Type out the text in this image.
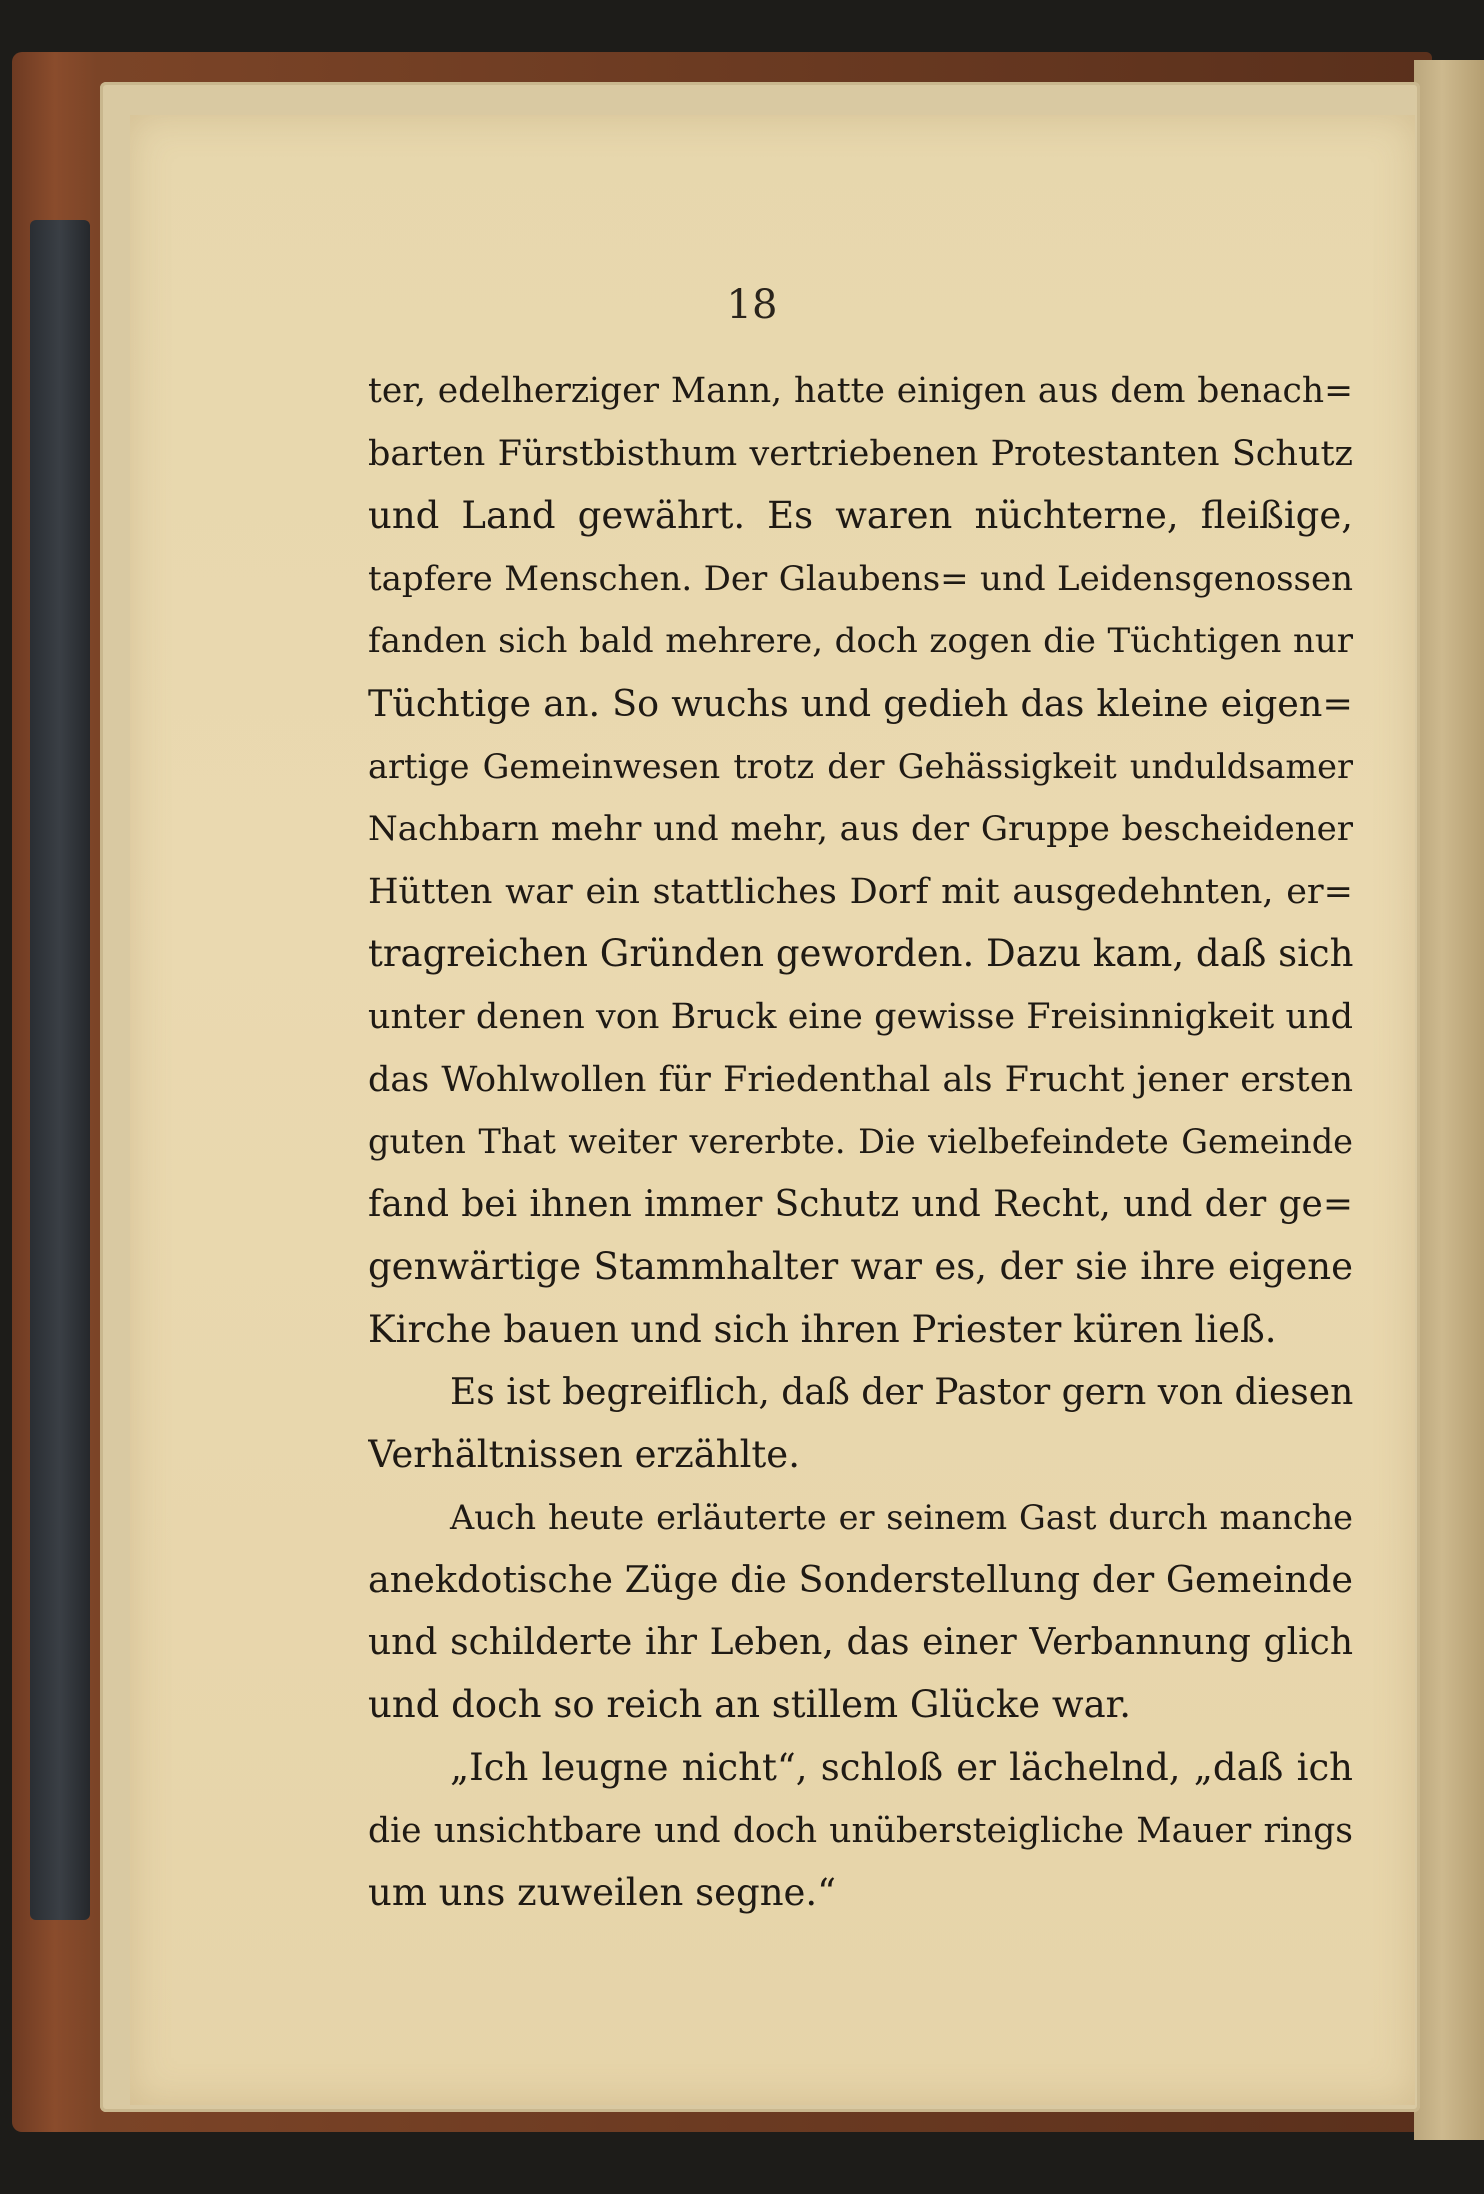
18
ter, edelherziger Mann, hatte einigen aus dem benach=
barten Fürstbisthum vertriebenen Protestanten Schutz
und Land gewährt. Es waren nüchterne, fleißige,
tapfere Menschen. Der Glaubens= und Leidensgenossen
fanden sich bald mehrere, doch zogen die Tüchtigen nur
Tüchtige an. So wuchs und gedieh das kleine eigen=
artige Gemeinwesen trotz der Gehässigkeit unduldsamer
Nachbarn mehr und mehr, aus der Gruppe bescheidener
Hütten war ein stattliches Dorf mit ausgedehnten, er=
tragreichen Gründen geworden. Dazu kam, daß sich
unter denen von Bruck eine gewisse Freisinnigkeit und
das Wohlwollen für Friedenthal als Frucht jener ersten
guten That weiter vererbte. Die vielbefeindete Gemeinde
fand bei ihnen immer Schutz und Recht, und der ge=
genwärtige Stammhalter war es, der sie ihre eigene
Kirche bauen und sich ihren Priester küren ließ.
Es ist begreiflich, daß der Pastor gern von diesen
Verhältnissen erzählte.
Auch heute erläuterte er seinem Gast durch manche
anekdotische Züge die Sonderstellung der Gemeinde
und schilderte ihr Leben, das einer Verbannung glich
und doch so reich an stillem Glücke war.
„Ich leugne nicht“, schloß er lächelnd, „daß ich
die unsichtbare und doch unübersteigliche Mauer rings
um uns zuweilen segne.“
